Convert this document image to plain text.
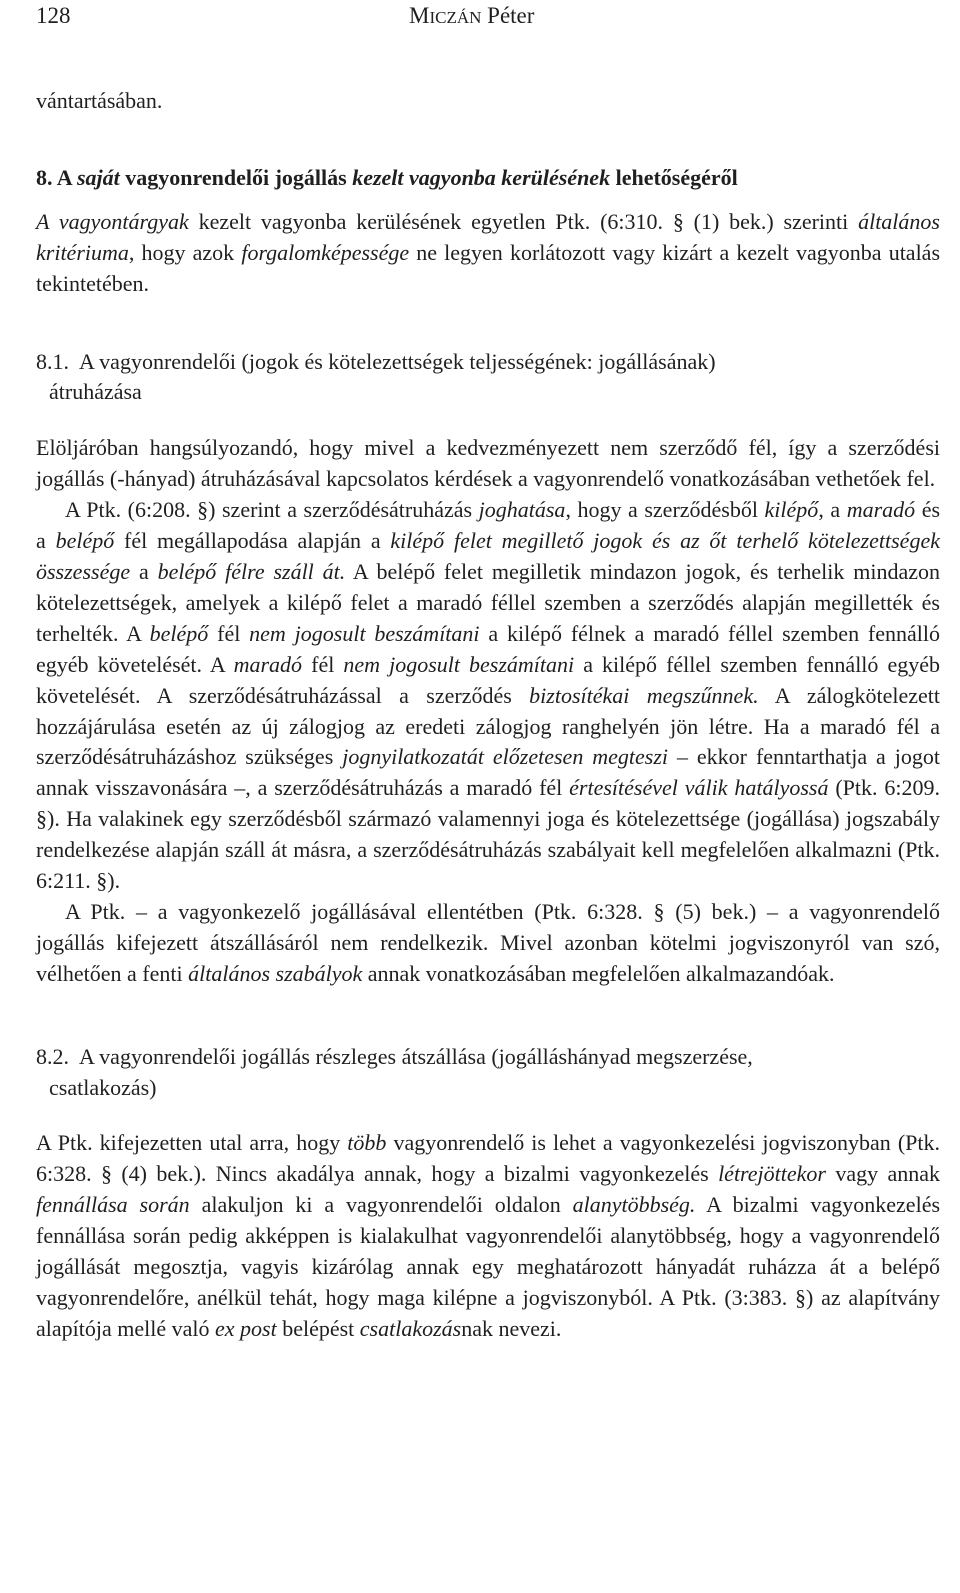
128	MICZÁN Péter

vántartásában.

8. A saját vagyonrendelői jogállás kezelt vagyonba kerülésének lehetőségéről

A vagyontárgyak kezelt vagyonba kerülésének egyetlen Ptk. (6:310. § (1) bek.) szerinti általános kritériuma, hogy azok forgalomképessége ne legyen korlátozott vagy kizárt a kezelt vagyonba utalás tekintetében.

8.1. A vagyonrendelői (jogok és kötelezettségek teljességének: jogállásának)
átruházása

Elöljáróban hangsúlyozandó, hogy mivel a kedvezményezett nem szerződő fél, így a szerződési jogállás (-hányad) átruházásával kapcsolatos kérdések a vagyonrendelő vonatkozásában vethetőek fel.

A Ptk. (6:208. §) szerint a szerződésátruházás joghatása, hogy a szerződésből kilépő, a maradó és a belépő fél megállapodása alapján a kilépő felet megillető jogok és az őt terhelő kötelezettségek összessége a belépő félre száll át. A belépő felet megilletik mindazon jogok, és terhelik mindazon kötelezettségek, amelyek a kilépő felet a maradó féllel szemben a szerződés alapján megillették és terhelték. A belépő fél nem jogosult beszámítani a kilépő félnek a maradó féllel szemben fennálló egyéb követelését. A maradó fél nem jogosult beszámítani a kilépő féllel szemben fennálló egyéb követelését. A szerződésátruházással a szerződés biztosítékai megszűnnek. A zálogkötelezett hozzájárulása esetén az új zálogjog az eredeti zálogjog ranghelyén jön létre. Ha a maradó fél a szerződésátruházáshoz szükséges jognyilatkozatát előzetesen megteszi – ekkor fenntarthatja a jogot annak visszavonására –, a szerződésátruházás a maradó fél értesítésével válik hatályossá (Ptk. 6:209. §). Ha valakinek egy szerződésből származó valamennyi joga és kötelezettsége (jogállása) jogszabály rendelkezése alapján száll át másra, a szerződésátruházás szabályait kell megfelelően alkalmazni (Ptk. 6:211. §).

A Ptk. – a vagyonkezelő jogállásával ellentétben (Ptk. 6:328. § (5) bek.) – a vagyonrendelő jogállás kifejezett átszállásáról nem rendelkezik. Mivel azonban kötelmi jogviszonyról van szó, vélhetően a fenti általános szabályok annak vonatkozásában megfelelően alkalmazandóak.

8.2. A vagyonrendelői jogállás részleges átszállása (jogálláshányad megszerzése,
csatlakozás)

A Ptk. kifejezetten utal arra, hogy több vagyonrendelő is lehet a vagyonkezelési jogviszonyban (Ptk. 6:328. § (4) bek.). Nincs akadálya annak, hogy a bizalmi vagyonkezelés létrejöttekor vagy annak fennállása során alakuljon ki a vagyonrendelői oldalon alanytöbbség. A bizalmi vagyonkezelés fennállása során pedig akképpen is kialakulhat vagyonrendelői alanytöbbség, hogy a vagyonrendelő jogállását megosztja, vagyis kizárólag annak egy meghatározott hányadát ruházza át a belépő vagyonrendelőre, anélkül tehát, hogy maga kilépne a jogviszonyból. A Ptk. (3:383. §) az alapítvány alapítója mellé való ex post belépést csatlakozásnak nevezi.
